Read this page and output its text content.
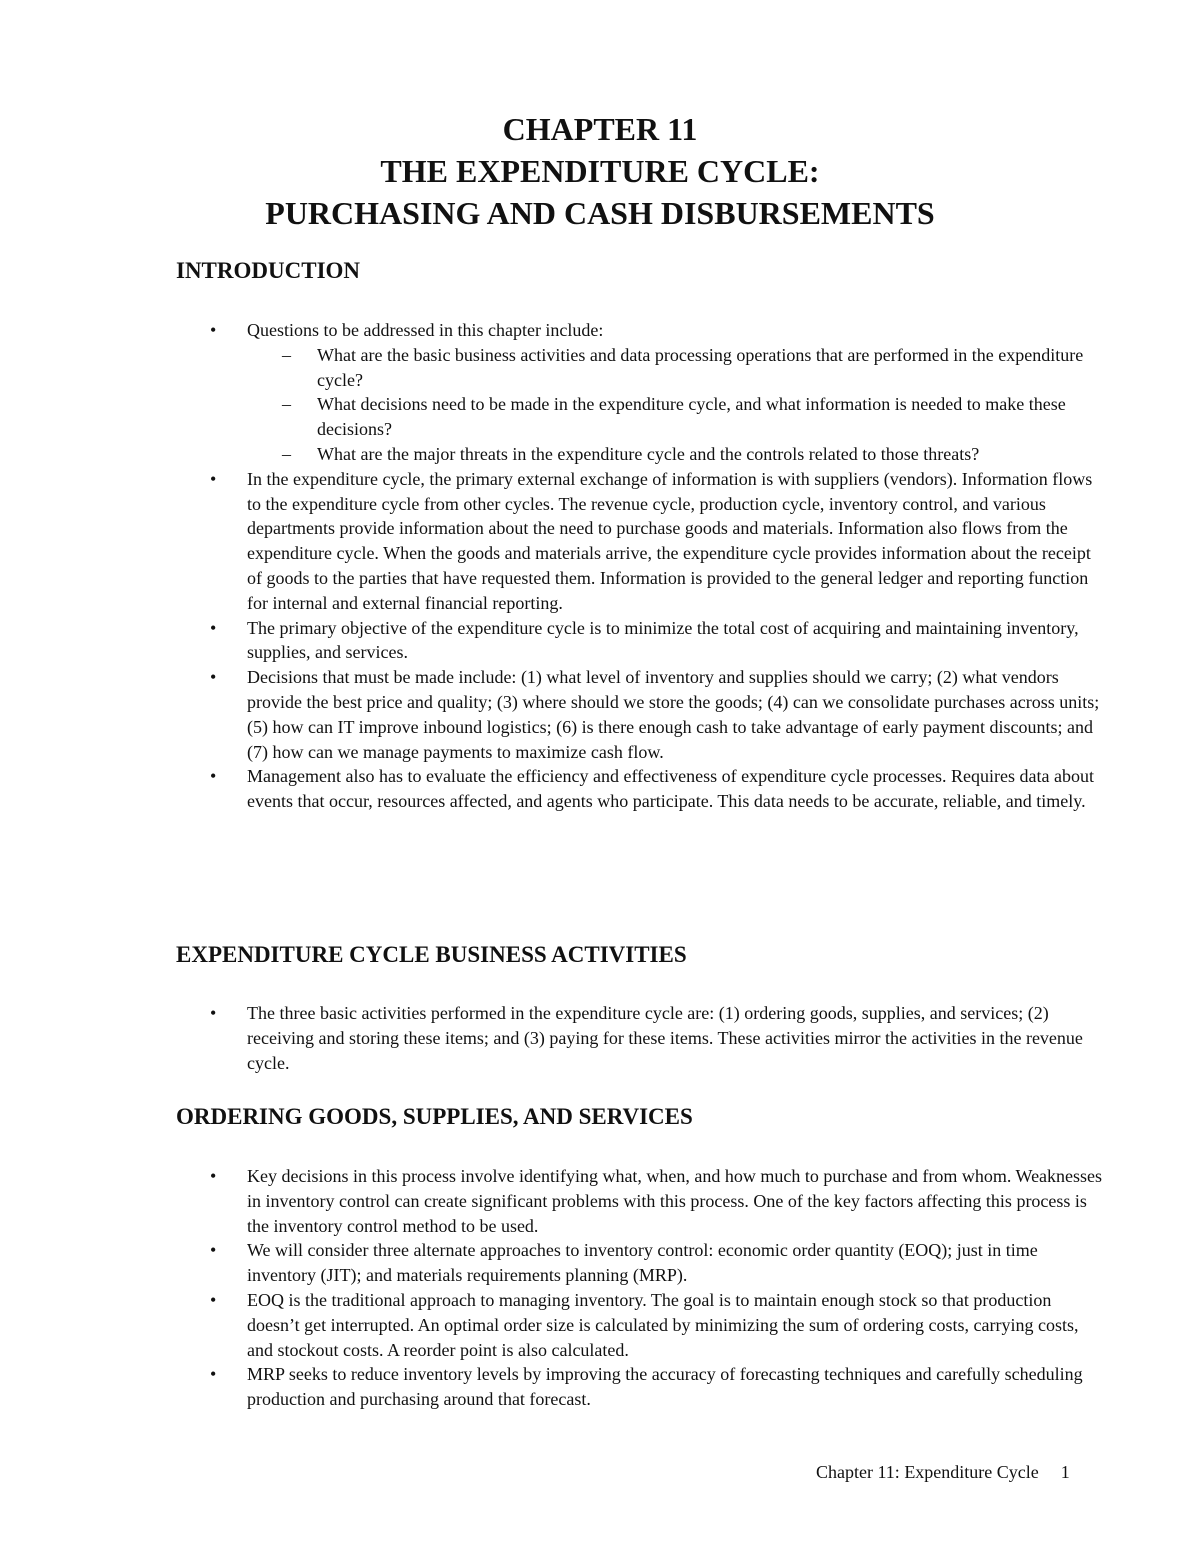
CHAPTER 11
THE EXPENDITURE CYCLE:
PURCHASING AND CASH DISBURSEMENTS
INTRODUCTION
• Questions to be addressed in this chapter include:
– What are the basic business activities and data processing operations that are performed in the expenditure cycle?
– What decisions need to be made in the expenditure cycle, and what information is needed to make these decisions?
– What are the major threats in the expenditure cycle and the controls related to those threats?
• In the expenditure cycle, the primary external exchange of information is with suppliers (vendors). Information flows to the expenditure cycle from other cycles. The revenue cycle, production cycle, inventory control, and various departments provide information about the need to purchase goods and materials. Information also flows from the expenditure cycle. When the goods and materials arrive, the expenditure cycle provides information about the receipt of goods to the parties that have requested them. Information is provided to the general ledger and reporting function for internal and external financial reporting.
• The primary objective of the expenditure cycle is to minimize the total cost of acquiring and maintaining inventory, supplies, and services.
• Decisions that must be made include: (1) what level of inventory and supplies should we carry; (2) what vendors provide the best price and quality; (3) where should we store the goods; (4) can we consolidate purchases across units; (5) how can IT improve inbound logistics; (6) is there enough cash to take advantage of early payment discounts; and (7) how can we manage payments to maximize cash flow.
• Management also has to evaluate the efficiency and effectiveness of expenditure cycle processes. Requires data about events that occur, resources affected, and agents who participate. This data needs to be accurate, reliable, and timely.
EXPENDITURE CYCLE BUSINESS ACTIVITIES
• The three basic activities performed in the expenditure cycle are: (1) ordering goods, supplies, and services; (2) receiving and storing these items; and (3) paying for these items. These activities mirror the activities in the revenue cycle.
ORDERING GOODS, SUPPLIES, AND SERVICES
• Key decisions in this process involve identifying what, when, and how much to purchase and from whom. Weaknesses in inventory control can create significant problems with this process. One of the key factors affecting this process is the inventory control method to be used.
• We will consider three alternate approaches to inventory control: economic order quantity (EOQ); just in time inventory (JIT); and materials requirements planning (MRP).
• EOQ is the traditional approach to managing inventory. The goal is to maintain enough stock so that production doesn’t get interrupted. An optimal order size is calculated by minimizing the sum of ordering costs, carrying costs, and stockout costs. A reorder point is also calculated.
• MRP seeks to reduce inventory levels by improving the accuracy of forecasting techniques and carefully scheduling production and purchasing around that forecast.
Chapter 11: Expenditure Cycle 1
